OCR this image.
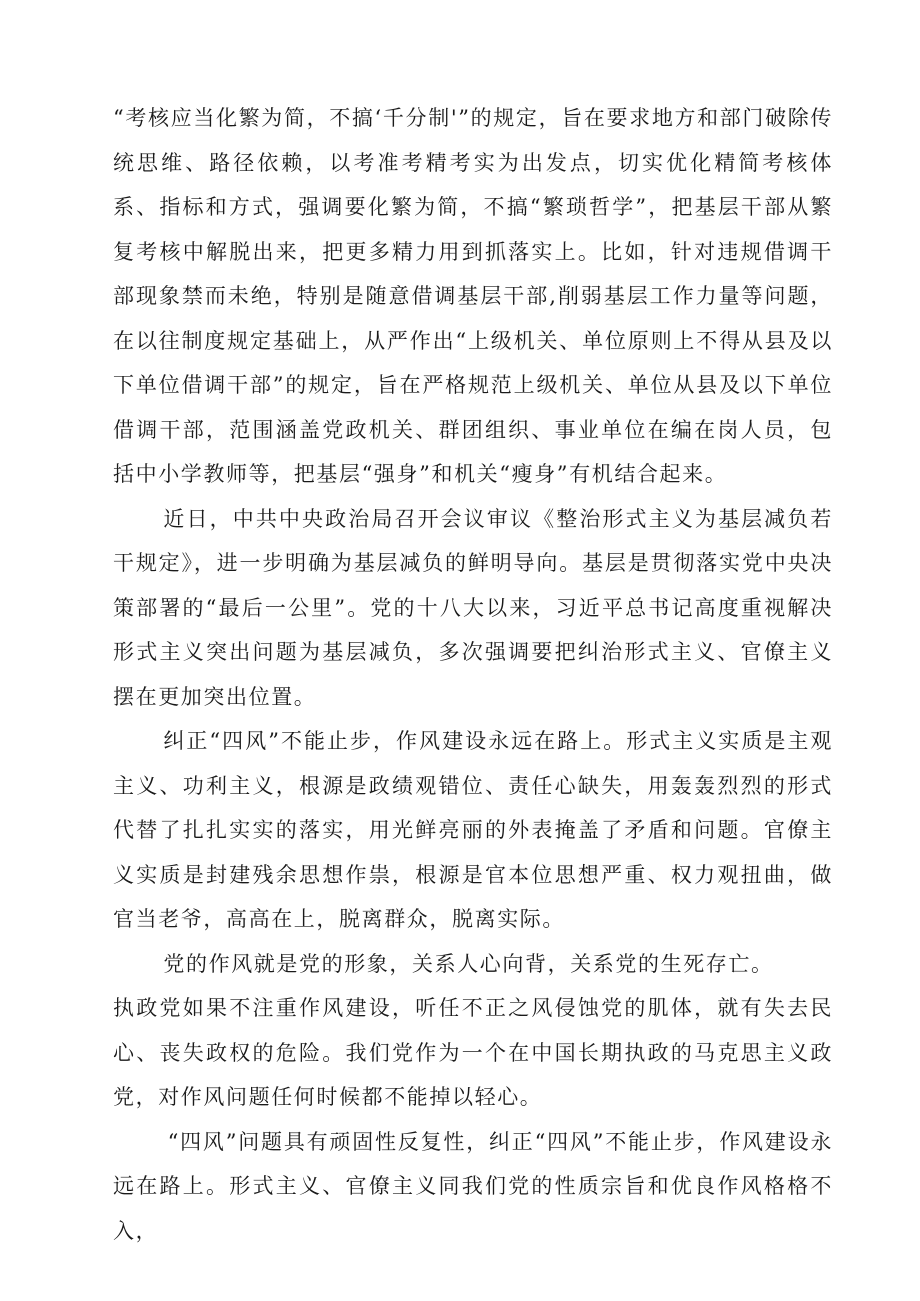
“考核应当化繁为简，不搞‘千分制'”的规定，旨在要求地方和部门破除传统思维、路径依赖，以考准考精考实为出发点，切实优化精简考核体系、指标和方式，强调要化繁为简，不搞“繁琐哲学”，把基层干部从繁复考核中解脱出来，把更多精力用到抓落实上。比如，针对违规借调干部现象禁而未绝，特别是随意借调基层干部,削弱基层工作力量等问题，在以往制度规定基础上，从严作出“上级机关、单位原则上不得从县及以下单位借调干部”的规定，旨在严格规范上级机关、单位从县及以下单位借调干部，范围涵盖党政机关、群团组织、事业单位在编在岗人员，包括中小学教师等，把基层“强身”和机关“瘦身”有机结合起来。

近日，中共中央政治局召开会议审议《整治形式主义为基层减负若干规定》，进一步明确为基层减负的鲜明导向。基层是贯彻落实党中央决策部署的“最后一公里”。党的十八大以来，习近平总书记高度重视解决形式主义突出问题为基层减负，多次强调要把纠治形式主义、官僚主义摆在更加突出位置。

纠正“四风”不能止步，作风建设永远在路上。形式主义实质是主观主义、功利主义，根源是政绩观错位、责任心缺失，用轰轰烈烈的形式代替了扎扎实实的落实，用光鲜亮丽的外表掩盖了矛盾和问题。官僚主义实质是封建残余思想作祟，根源是官本位思想严重、权力观扭曲，做官当老爷，高高在上，脱离群众，脱离实际。

党的作风就是党的形象，关系人心向背，关系党的生死存亡。
执政党如果不注重作风建设，听任不正之风侵蚀党的肌体，就有失去民心、丧失政权的危险。我们党作为一个在中国长期执政的马克思主义政党，对作风问题任何时候都不能掉以轻心。

“四风”问题具有顽固性反复性，纠正“四风”不能止步，作风建设永远在路上。形式主义、官僚主义同我们党的性质宗旨和优良作风格格不入，
